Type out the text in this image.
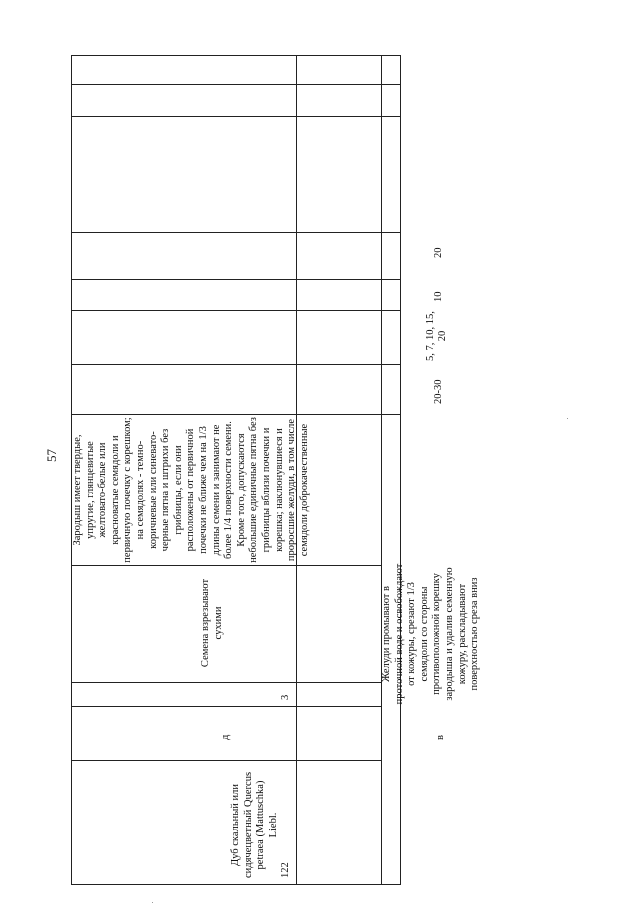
57
122
Дуб скальный или сидячецветный Quercus petraea (Mattuschka) Liebl.
д
3
Семена взрезывают сухими
Зародыш имеет твердые, упругие, глянцевитые желтовато-белые или красноватые семядоли и первичную почечку с корешком; на семядолях - темно-коричневые или синевато-черные пятна и штрихи без грибницы, если они расположены от первичной почечки не ближе чем на 1/3 длины семени и занимают не более 1/4 поверхности семени. Кроме того, допускаются небольшие единичные пятна без грибницы вблизи почечки и корешка; наклюнувшиеся и проросшие желуди, в том числе семядоли доброкачественные
в
Желуди промывают в проточной воде и освобождают от кожуры, срезают 1/3 семядоли со стороны противоположной корешку зародыша и удалив семенную кожуру, раскладывают поверхностью среза вниз
20-30
5, 7, 10, 15, 20
10
20
